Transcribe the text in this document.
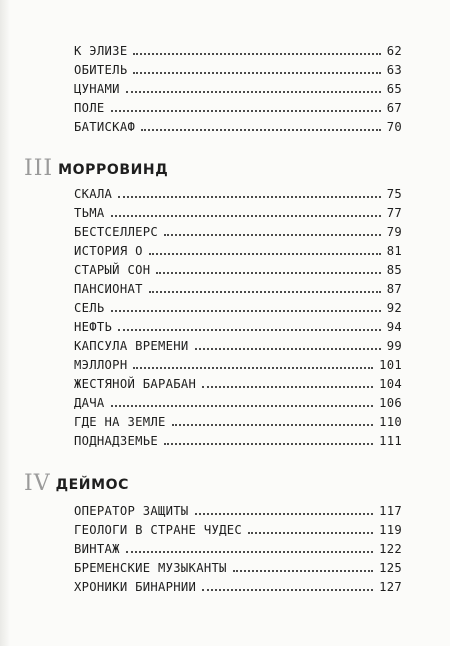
К ЭЛИЗЕ	62
ОБИТЕЛЬ	63
ЦУНАМИ	65
ПОЛЕ	67
БАТИСКАФ	70
III МОРРОВИНД
СКАЛА	75
ТЬМА	77
БЕСТСЕЛЛЕРС	79
ИСТОРИЯ О	81
СТАРЫЙ СОН	85
ПАНСИОНАТ	87
СЕЛЬ	92
НЕФТЬ	94
КАПСУЛА ВРЕМЕНИ	99
МЭЛЛОРН	101
ЖЕСТЯНОЙ БАРАБАН	104
ДАЧА	106
ГДЕ НА ЗЕМЛЕ	110
ПОДНАДЗЕМЬЕ	111
IV ДЕЙМОС
ОПЕРАТОР ЗАЩИТЫ	117
ГЕОЛОГИ В СТРАНЕ ЧУДЕС	119
ВИНТАЖ	122
БРЕМЕНСКИЕ МУЗЫКАНТЫ	125
ХРОНИКИ БИНАРНИИ	127
